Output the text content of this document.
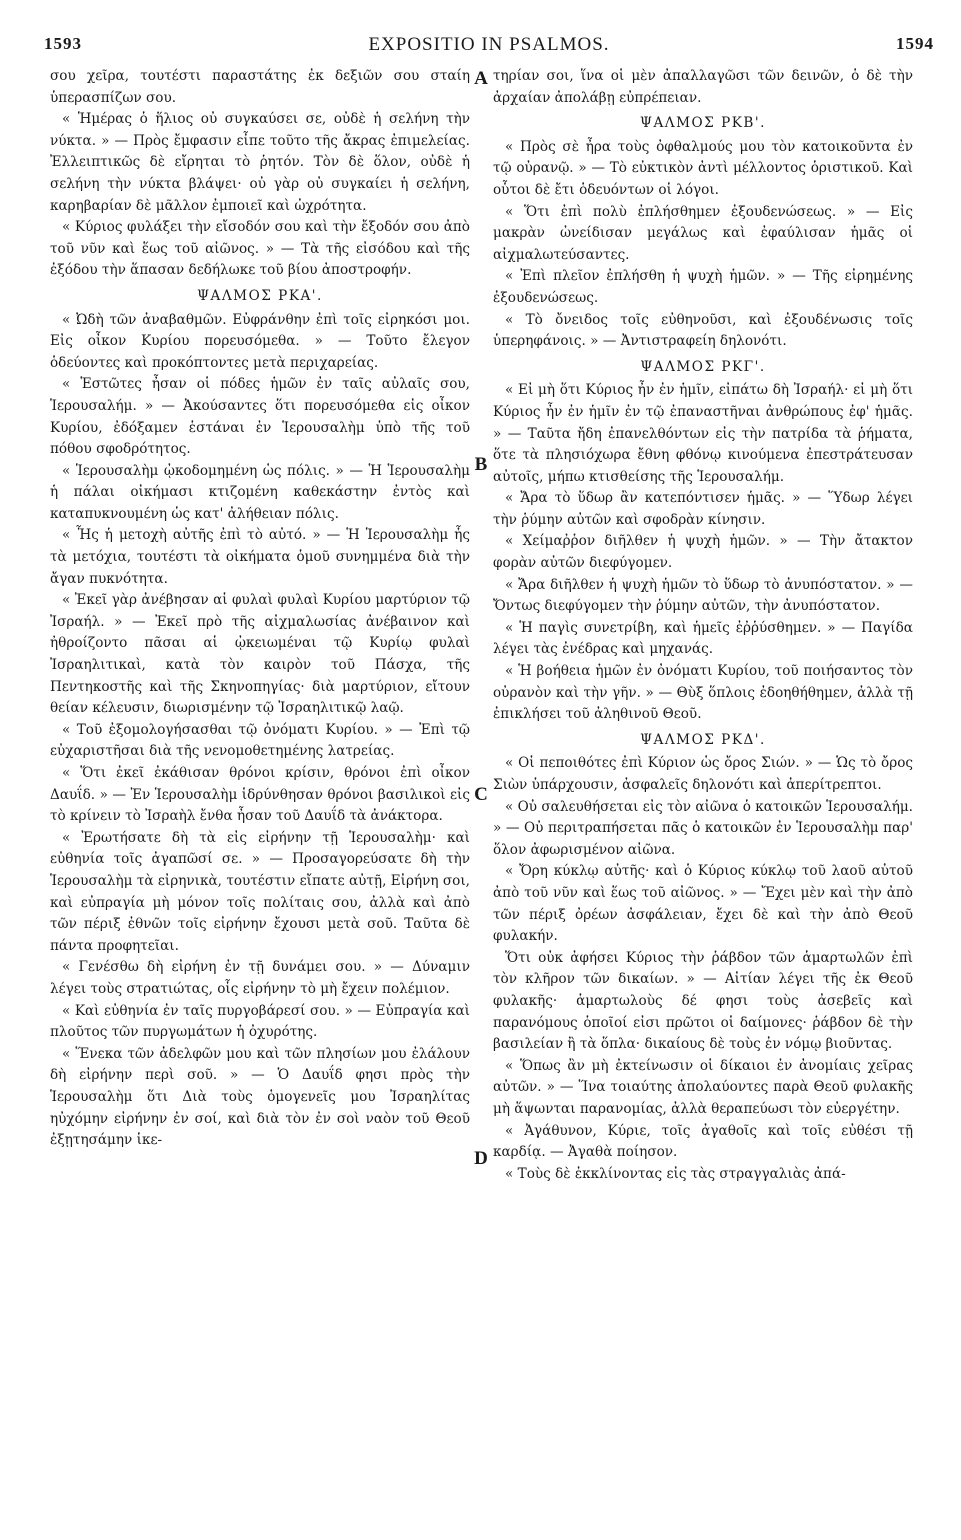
1593	EXPOSITIO IN PSALMOS.	1594

σου χεῖρα, τουτέστι παραστάτης ἐκ δεξιῶν σου σταίη ὑπερασπίζων σου.

« Ἡμέρας ὁ ἥλιος οὐ συγκαύσει σε, οὐδὲ ἡ σελήνη τὴν νύκτα. » — Πρὸς ἔμφασιν εἶπε τοῦτο τῆς ἄκρας ἐπιμελείας. Ἐλλειπτικῶς δὲ εἴρηται τὸ ῥητόν. Τὸν δὲ ὅλον, οὐδὲ ἡ σελήνη τὴν νύκτα βλάψει· οὐ γὰρ οὐ συγκαίει ἡ σελήνη, καρηβαρίαν δὲ μᾶλλον ἐμποιεῖ καὶ ὠχρότητα.

« Κύριος φυλάξει τὴν εἴσοδόν σου καὶ τὴν ἔξοδόν σου ἀπὸ τοῦ νῦν καὶ ἕως τοῦ αἰῶνος. » — Τὰ τῆς εἰσόδου καὶ τῆς ἐξόδου τὴν ἅπασαν δεδήλωκε τοῦ βίου ἀποστροφήν.

ΨΑΛΜΟΣ ΡΚΑ'.

« Ὠδὴ τῶν ἀναβαθμῶν. Εὐφράνθην ἐπὶ τοῖς εἰρηκόσι μοι. Εἰς οἶκον Κυρίου πορευσόμεθα. » — Τοῦτο ἔλεγον ὁδεύοντες καὶ προκόπτοντες μετὰ περιχαρείας.

« Ἑστῶτες ἦσαν οἱ πόδες ἡμῶν ἐν ταῖς αὐλαῖς σου, Ἱερουσαλήμ. » — Ἀκούσαντες ὅτι πορευσόμεθα εἰς οἶκον Κυρίου, ἐδόξαμεν ἑστάναι ἐν Ἱερουσαλὴμ ὑπὸ τῆς τοῦ πόθου σφοδρότητος.

« Ἱερουσαλὴμ ᾠκοδομημένη ὡς πόλις. » — Ἡ Ἱερουσαλὴμ ἡ πάλαι οἰκήμασι κτιζομένη καθεκάστην ἐντὸς καὶ καταπυκνουμένη ὡς κατ' ἀλήθειαν πόλις.

« Ἧς ἡ μετοχὴ αὐτῆς ἐπὶ τὸ αὐτό. » — Ἡ Ἱερουσαλὴμ ἧς τὰ μετόχια, τουτέστι τὰ οἰκήματα ὁμοῦ συνημμένα διὰ τὴν ἄγαν πυκνότητα.

« Ἐκεῖ γὰρ ἀνέβησαν αἱ φυλαὶ φυλαὶ Κυρίου μαρτύριον τῷ Ἰσραήλ. » — Ἐκεῖ πρὸ τῆς αἰχμαλωσίας ἀνέβαινον καὶ ἠθροίζοντο πᾶσαι αἱ ᾠκειωμέναι τῷ Κυρίῳ φυλαὶ Ἰσραηλιτικαὶ, κατὰ τὸν καιρὸν τοῦ Πάσχα, τῆς Πεντηκοστῆς καὶ τῆς Σκηνοπηγίας· διὰ μαρτύριον, εἴτουν θείαν κέλευσιν, διωρισμένην τῷ Ἰσραηλιτικῷ λαῷ.

« Τοῦ ἐξομολογήσασθαι τῷ ὀνόματι Κυρίου. » — Ἐπὶ τῷ εὐχαριστῆσαι διὰ τῆς νενομοθετημένης λατρείας.

« Ὅτι ἐκεῖ ἐκάθισαν θρόνοι κρίσιν, θρόνοι ἐπὶ οἶκον Δαυΐδ. » — Ἐν Ἱερουσαλὴμ ἱδρύνθησαν θρόνοι βασιλικοὶ εἰς τὸ κρίνειν τὸ Ἰσραὴλ ἔνθα ἦσαν τοῦ Δαυΐδ τὰ ἀνάκτορα.

« Ἐρωτήσατε δὴ τὰ εἰς εἰρήνην τῇ Ἱερουσαλὴμ· καὶ εὐθηνία τοῖς ἀγαπῶσί σε. » — Προσαγορεύσατε δὴ τὴν Ἱερουσαλὴμ τὰ εἰρηνικὰ, τουτέστιν εἴπατε αὐτῇ, Εἰρήνη σοι, καὶ εὐπραγία μὴ μόνον τοῖς πολίταις σου, ἀλλὰ καὶ ἀπὸ τῶν πέριξ ἐθνῶν τοῖς εἰρήνην ἔχουσι μετὰ σοῦ. Ταῦτα δὲ πάντα προφητεῖαι.

« Γενέσθω δὴ εἰρήνη ἐν τῇ δυνάμει σου. » — Δύναμιν λέγει τοὺς στρατιώτας, οἷς εἰρήνην τὸ μὴ ἔχειν πολέμιον.

« Καὶ εὐθηνία ἐν ταῖς πυργοβάρεσί σου. » — Εὐπραγία καὶ πλοῦτος τῶν πυργωμάτων ἡ ὀχυρότης.

« Ἕνεκα τῶν ἀδελφῶν μου καὶ τῶν πλησίων μου ἐλάλουν δὴ εἰρήνην περὶ σοῦ. » — Ὁ Δαυΐδ φησι πρὸς τὴν Ἱερουσαλὴμ ὅτι Διὰ τοὺς ὁμογενεῖς μου Ἰσραηλίτας ηὐχόμην εἰρήνην ἐν σοί, καὶ διὰ τὸν ἐν σοὶ ναὸν τοῦ Θεοῦ ἐξῃτησάμην ἱκε-

τηρίαν σοι, ἵνα οἱ μὲν ἀπαλλαγῶσι τῶν δεινῶν, ὁ δὲ τὴν ἀρχαίαν ἀπολάβῃ εὐπρέπειαν.

ΨΑΛΜΟΣ ΡΚΒ'.

« Πρὸς σὲ ἦρα τοὺς ὀφθαλμούς μου τὸν κατοικοῦντα ἐν τῷ οὐρανῷ. » — Τὸ εὐκτικὸν ἀντὶ μέλλοντος ὁριστικοῦ. Καὶ οὗτοι δὲ ἔτι ὁδευόντων οἱ λόγοι.

« Ὅτι ἐπὶ πολὺ ἐπλήσθημεν ἐξουδενώσεως. » — Εἰς μακρὰν ὠνείδισαν μεγάλως καὶ ἐφαύλισαν ἡμᾶς οἱ αἰχμαλωτεύσαντες.

« Ἐπὶ πλεῖον ἐπλήσθη ἡ ψυχὴ ἡμῶν. » — Τῆς εἰρημένης ἐξουδενώσεως.

« Τὸ ὄνειδος τοῖς εὐθηνοῦσι, καὶ ἐξουδένωσις τοῖς ὑπερηφάνοις. » — Ἀντιστραφείη δηλονότι.

ΨΑΛΜΟΣ ΡΚΓ'.

« Εἰ μὴ ὅτι Κύριος ἦν ἐν ἡμῖν, εἰπάτω δὴ Ἰσραήλ· εἰ μὴ ὅτι Κύριος ἦν ἐν ἡμῖν ἐν τῷ ἐπαναστῆναι ἀνθρώπους ἐφ' ἡμᾶς. » — Ταῦτα ἤδη ἐπανελθόντων εἰς τὴν πατρίδα τὰ ῥήματα, ὅτε τὰ πλησιόχωρα ἔθνη φθόνῳ κινούμενα ἐπεστράτευσαν αὐτοῖς, μήπω κτισθείσης τῆς Ἱερουσαλήμ.

« Ἄρα τὸ ὕδωρ ἂν κατεπόντισεν ἡμᾶς. » — Ὕδωρ λέγει τὴν ῥύμην αὐτῶν καὶ σφοδρὰν κίνησιν.

« Χείμαῤῥον διῆλθεν ἡ ψυχὴ ἡμῶν. » — Τὴν ἄτακτον φορὰν αὐτῶν διεφύγομεν.

« Ἄρα διῆλθεν ἡ ψυχὴ ἡμῶν τὸ ὕδωρ τὸ ἀνυπόστατον. » — Ὄντως διεφύγομεν τὴν ῥύμην αὐτῶν, τὴν ἀνυπόστατον.

« Ἡ παγὶς συνετρίβη, καὶ ἡμεῖς ἐῤῥύσθημεν. » — Παγίδα λέγει τὰς ἐνέδρας καὶ μηχανάς.

« Ἡ βοήθεια ἡμῶν ἐν ὀνόματι Κυρίου, τοῦ ποιήσαντος τὸν οὐρανὸν καὶ τὴν γῆν. » — Θὺξ ὅπλοις ἐδοηθήθημεν, ἀλλὰ τῇ ἐπικλήσει τοῦ ἀληθινοῦ Θεοῦ.

ΨΑΛΜΟΣ ΡΚΔ'.

« Οἱ πεποιθότες ἐπὶ Κύριον ὡς ὄρος Σιών. » — Ὡς τὸ ὄρος Σιὼν ὑπάρχουσιν, ἀσφαλεῖς δηλονότι καὶ ἀπερίτρεπτοι.

« Οὐ σαλευθήσεται εἰς τὸν αἰῶνα ὁ κατοικῶν Ἱερουσαλήμ. » — Οὐ περιτραπήσεται πᾶς ὁ κατοικῶν ἐν Ἱερουσαλὴμ παρ' ὅλον ἀφωρισμένον αἰῶνα.

« Ὄρη κύκλῳ αὐτῆς· καὶ ὁ Κύριος κύκλῳ τοῦ λαοῦ αὐτοῦ ἀπὸ τοῦ νῦν καὶ ἕως τοῦ αἰῶνος. » — Ἔχει μὲν καὶ τὴν ἀπὸ τῶν πέριξ ὀρέων ἀσφάλειαν, ἔχει δὲ καὶ τὴν ἀπὸ Θεοῦ φυλακήν.

Ὅτι οὐκ ἀφήσει Κύριος τὴν ῥάβδον τῶν ἁμαρτωλῶν ἐπὶ τὸν κλῆρον τῶν δικαίων. » — Αἰτίαν λέγει τῆς ἐκ Θεοῦ φυλακῆς· ἁμαρτωλοὺς δέ φησι τοὺς ἀσεβεῖς καὶ παρανόμους ὁποῖοί εἰσι πρῶτοι οἱ δαίμονες· ῥάβδον δὲ τὴν βασιλείαν ἢ τὰ ὅπλα· δικαίους δὲ τοὺς ἐν νόμῳ βιοῦντας.

« Ὅπως ἂν μὴ ἐκτείνωσιν οἱ δίκαιοι ἐν ἀνομίαις χεῖρας αὐτῶν. » — Ἵνα τοιαύτης ἀπολαύοντες παρὰ Θεοῦ φυλακῆς μὴ ἅψωνται παρανομίας, ἀλλὰ θεραπεύωσι τὸν εὐεργέτην.

« Ἀγάθυνον, Κύριε, τοῖς ἀγαθοῖς καὶ τοῖς εὐθέσι τῇ καρδίᾳ. — Ἀγαθὰ ποίησον.

« Τοὺς δὲ ἐκκλίνοντας εἰς τὰς στραγγαλιὰς ἀπά-

A
B
C
D
